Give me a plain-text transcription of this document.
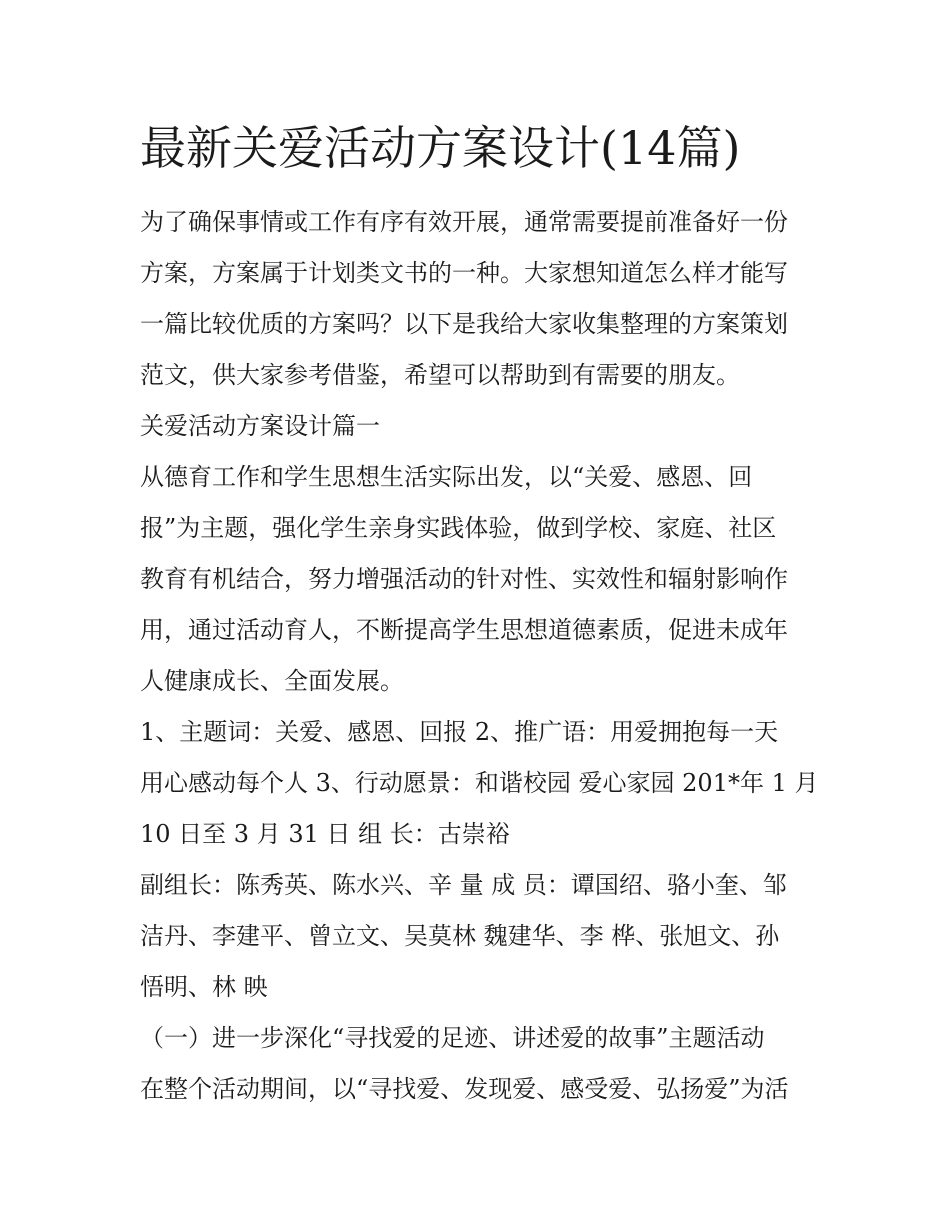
最新关爱活动方案设计(14篇)
为了确保事情或工作有序有效开展，通常需要提前准备好一份
方案，方案属于计划类文书的一种。大家想知道怎么样才能写
一篇比较优质的方案吗？以下是我给大家收集整理的方案策划
范文，供大家参考借鉴，希望可以帮助到有需要的朋友。
关爱活动方案设计篇一
从德育工作和学生思想生活实际出发，以“关爱、感恩、回
报”为主题，强化学生亲身实践体验，做到学校、家庭、社区
教育有机结合，努力增强活动的针对性、实效性和辐射影响作
用，通过活动育人，不断提高学生思想道德素质，促进未成年
人健康成长、全面发展。
1、主题词：关爱、感恩、回报 2、推广语：用爱拥抱每一天
用心感动每个人 3、行动愿景：和谐校园 爱心家园 201*年 1 月
10 日至 3 月 31 日 组 长：古崇裕
副组长：陈秀英、陈水兴、辛 量 成 员：谭国绍、骆小奎、邹
洁丹、李建平、曾立文、吴莫林 魏建华、李 桦、张旭文、孙
悟明、林 映
（一）进一步深化“寻找爱的足迹、讲述爱的故事”主题活动
在整个活动期间，以“寻找爱、发现爱、感受爱、弘扬爱”为活
